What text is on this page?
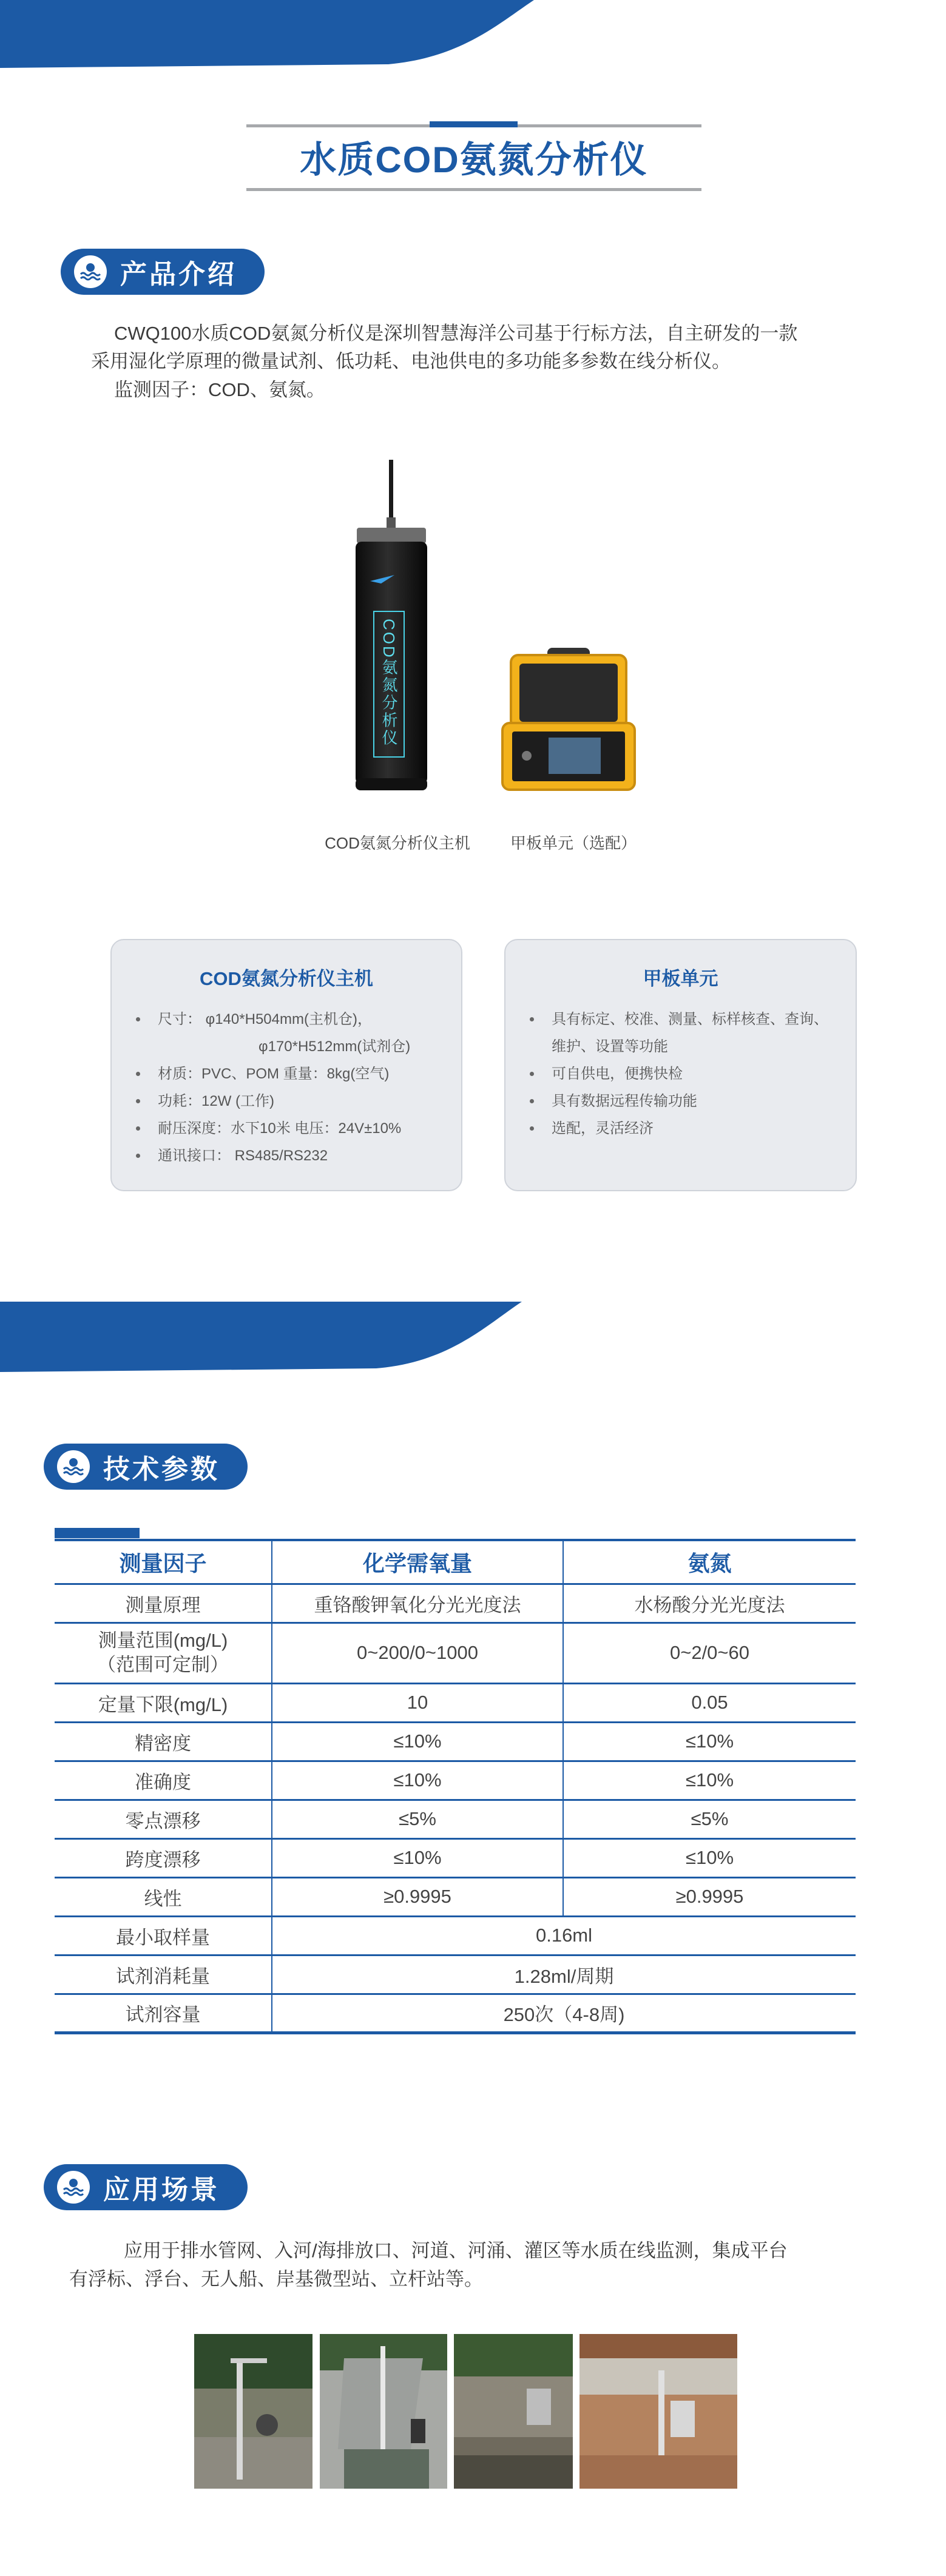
水质COD氨氮分析仪
产品介绍
CWQ100水质COD氨氮分析仪是深圳智慧海洋公司基于行标方法，自主研发的一款
采用湿化学原理的微量试剂、低功耗、电池供电的多功能多参数在线分析仪。
监测因子：COD、氨氮。
COD氨氮分析仪
COD氨氮分析仪主机	甲板单元（选配）
COD氨氮分析仪主机
尺寸： φ140*H504mm(主机仓)，
φ170*H512mm(试剂仓)
材质：PVC、POM 重量：8kg(空气)
功耗：12W (工作)
耐压深度：水下10米 电压：24V±10%
通讯接口： RS485/RS232
甲板单元
具有标定、校准、测量、标样核查、查询、
维护、设置等功能
可自供电，便携快检
具有数据远程传输功能
选配，灵活经济
技术参数
测量因子	化学需氧量	氨氮
测量原理	重铬酸钾氧化分光光度法	水杨酸分光光度法

测量范围(mg/L)
（范围可定制）	0~200/0~1000	0~2/0~60
定量下限(mg/L)	10	0.05
精密度	≤10%	≤10%
准确度	≤10%	≤10%
零点漂移	≤5%	≤5%
跨度漂移	≤10%	≤10%
线性	≥0.9995	≥0.9995
最小取样量	0.16ml	
试剂消耗量	1.28ml/周期	
试剂容量	250次（4-8周)	
应用场景
应用于排水管网、入河/海排放口、河道、河涌、灌区等水质在线监测，集成平台
有浮标、浮台、无人船、岸基微型站、立杆站等。
